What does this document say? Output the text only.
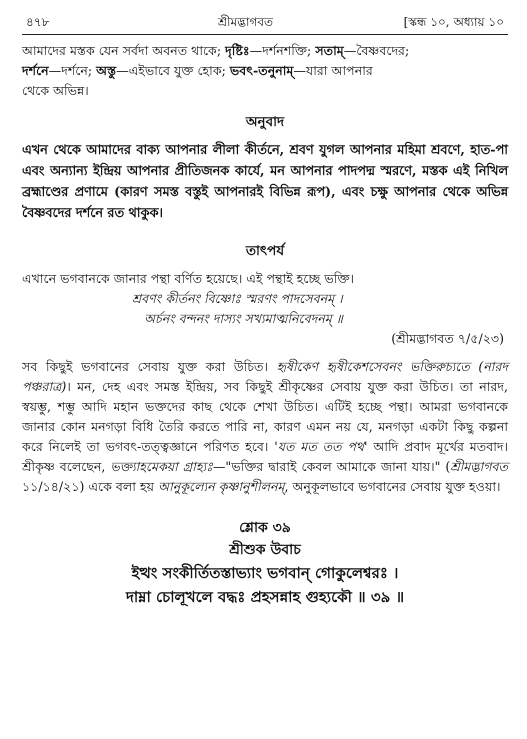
৪৭৮	শ্রীমদ্ভাগবত	[স্কন্ধ ১০, অধ্যায় ১০

আমাদের মস্তক যেন সর্বদা অবনত থাকে; দৃষ্টিঃ—দর্শনশক্তি; সতাম্—বৈষ্ণবদের;
দর্শনে—দর্শনে; অস্তু—এইভাবে যুক্ত হোক; ভবৎ-তনুনাম্—যারা আপনার
থেকে অভিন্ন।

অনুবাদ

এখন থেকে আমাদের বাক্য আপনার লীলা কীর্তনে, শ্রবণ যুগল আপনার মহিমা শ্রবণে, হাত-পা এবং অন্যান্য ইন্দ্রিয় আপনার প্রীতিজনক কার্যে, মন আপনার পাদপদ্ম স্মরণে, মস্তক এই নিখিল ব্রহ্মাণ্ডের প্রণামে (কারণ সমস্ত বস্তুই আপনারই বিভিন্ন রূপ), এবং চক্ষু আপনার থেকে অভিন্ন বৈষ্ণবদের দর্শনে রত থাকুক।

তাৎপর্য

এখানে ভগবানকে জানার পন্থা বর্ণিত হয়েছে। এই পন্থাই হচ্ছে ভক্তি।

শ্রবণং কীর্তনং বিষ্ণোঃ স্মরণং পাদসেবনম্ ।
অর্চনং বন্দনং দাস্যং সখ্যমাত্মনিবেদনম্ ॥
(শ্রীমদ্ভাগবত ৭/৫/২৩)

সব কিছুই ভগবানের সেবায় যুক্ত করা উচিত। হৃষীকেণ হৃষীকেশসেবনং ভক্তিরুচ্যতে (নারদ পঞ্চরাত্র)। মন, দেহ এবং সমস্ত ইন্দ্রিয়, সব কিছুই শ্রীকৃষ্ণের সেবায় যুক্ত করা উচিত। তা নারদ, স্বয়ম্ভু, শম্ভু আদি মহান ভক্তদের কাছ থেকে শেখা উচিত। এটিই হচ্ছে পন্থা। আমরা ভগবানকে জানার কোন মনগড়া বিধি তৈরি করতে পারি না, কারণ এমন নয় যে, মনগড়া একটা কিছু কল্পনা করে নিলেই তা ভগবৎ-তত্ত্বজ্ঞানে পরিণত হবে। 'যত মত তত পথ' আদি প্রবাদ মূর্খের মতবাদ। শ্রীকৃষ্ণ বলেছেন, ভক্ত্যাহমেকয়া গ্রাহ্যঃ—"ভক্তির দ্বারাই কেবল আমাকে জানা যায়।" (শ্রীমদ্ভাগবত ১১/১৪/২১) একে বলা হয় আনুকূল্যেন কৃষ্ণানুশীলনম্, অনুকূলভাবে ভগবানের সেবায় যুক্ত হওয়া।

শ্লোক ৩৯
শ্রীশুক উবাচ
ইত্থং সংকীর্তিতস্তাভ্যাং ভগবান্ গোকুলেশ্বরঃ ।
দাম্না চোলূখলে বদ্ধঃ প্রহসন্নাহ গুহ্যকৌ ॥ ৩৯ ॥
